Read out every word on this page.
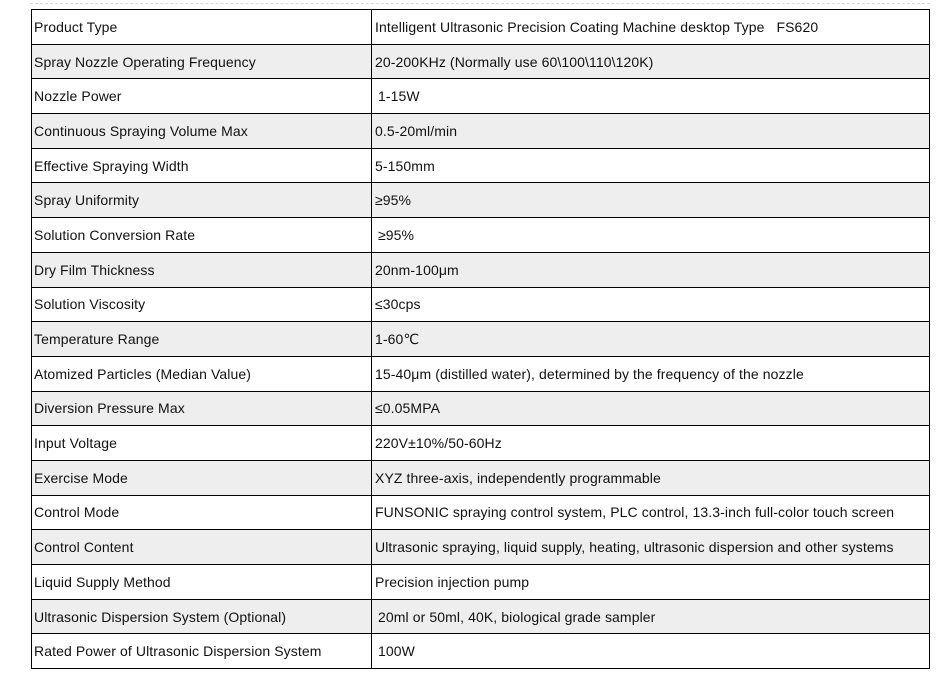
Product Type	Intelligent Ultrasonic Precision Coating Machine desktop Type   FS620
Spray Nozzle Operating Frequency	20-200KHz (Normally use 60\100\110\120K)
Nozzle Power	1-15W
Continuous Spraying Volume Max	0.5-20ml/min
Effective Spraying Width	5-150mm
Spray Uniformity	≥95%
Solution Conversion Rate	≥95%
Dry Film Thickness	20nm-100μm
Solution Viscosity	≤30cps
Temperature Range	1-60℃
Atomized Particles (Median Value)	15-40μm (distilled water), determined by the frequency of the nozzle
Diversion Pressure Max	≤0.05MPA
Input Voltage	220V±10%/50-60Hz
Exercise Mode	XYZ three-axis, independently programmable
Control Mode	FUNSONIC spraying control system, PLC control, 13.3-inch full-color touch screen
Control Content	Ultrasonic spraying, liquid supply, heating, ultrasonic dispersion and other systems
Liquid Supply Method	Precision injection pump
Ultrasonic Dispersion System (Optional)	20ml or 50ml, 40K, biological grade sampler
Rated Power of Ultrasonic Dispersion System	100W
